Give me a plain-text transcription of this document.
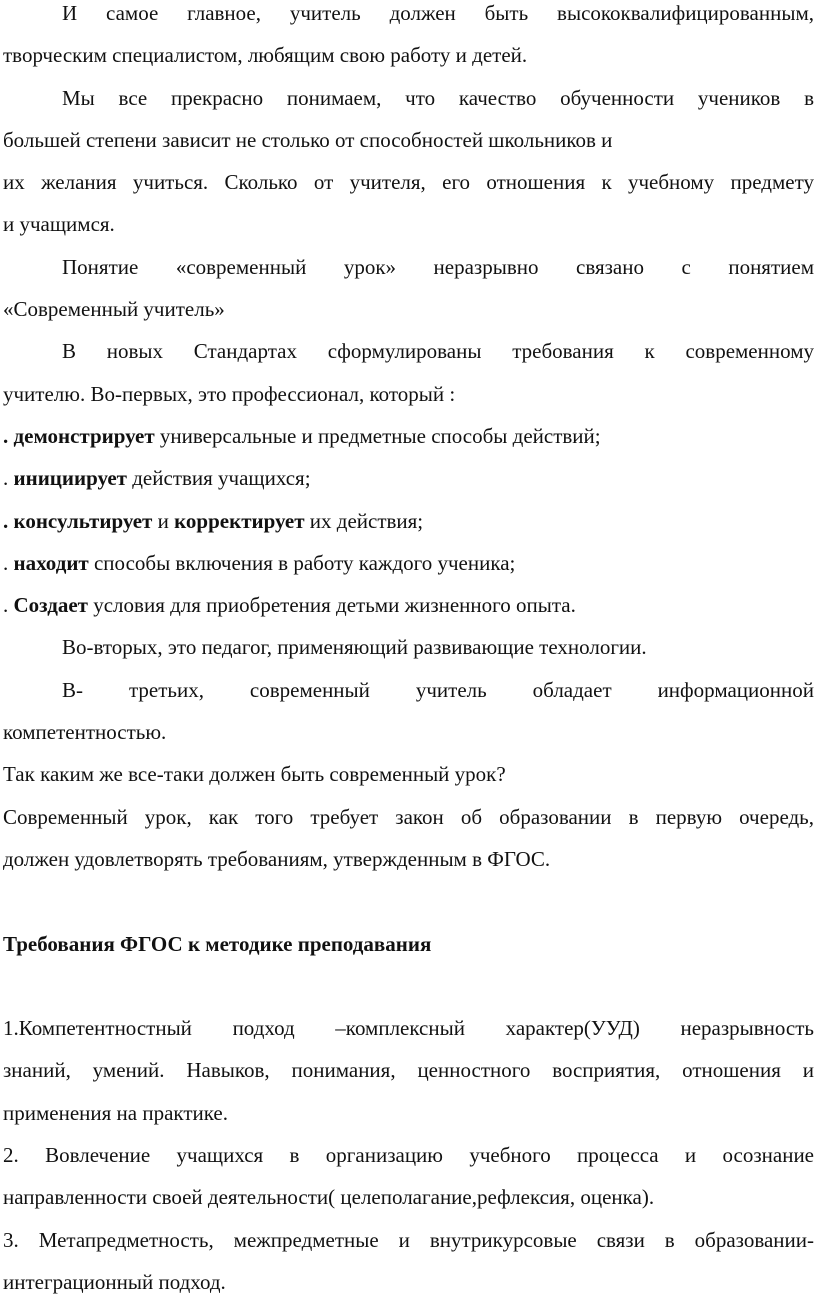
И самое главное, учитель должен быть высококвалифицированным,

творческим специалистом, любящим свою работу и детей.

Мы все прекрасно понимаем, что качество обученности учеников в

большей степени зависит не столько от способностей школьников и

их желания учиться. Сколько от учителя, его отношения к учебному предмету

и учащимся.

Понятие «современный урок» неразрывно связано с понятием

«Современный учитель»

В новых Стандартах сформулированы требования к современному

учителю. Во-первых, это профессионал, который :

. демонстрирует универсальные и предметные способы действий;

. инициирует действия учащихся;

. консультирует и корректирует их действия;

. находит способы включения в работу каждого ученика;

. Создает условия для приобретения детьми жизненного опыта.

Во-вторых, это педагог, применяющий развивающие технологии.

В- третьих, современный учитель обладает информационной

компетентностью.

Так каким же все-таки должен быть современный урок?

Современный урок, как того требует закон об образовании в первую очередь,

должен удовлетворять требованиям, утвержденным в ФГОС.

Требования ФГОС к методике преподавания

1.Компетентностный подход –комплексный характер(УУД) неразрывность

знаний, умений. Навыков, понимания, ценностного восприятия, отношения и

применения на практике.

2. Вовлечение учащихся в организацию учебного процесса и осознание

направленности своей деятельности( целеполагание,рефлексия, оценка).

3. Метапредметность, межпредметные и внутрикурсовые связи в образовании-

интеграционный подход.
